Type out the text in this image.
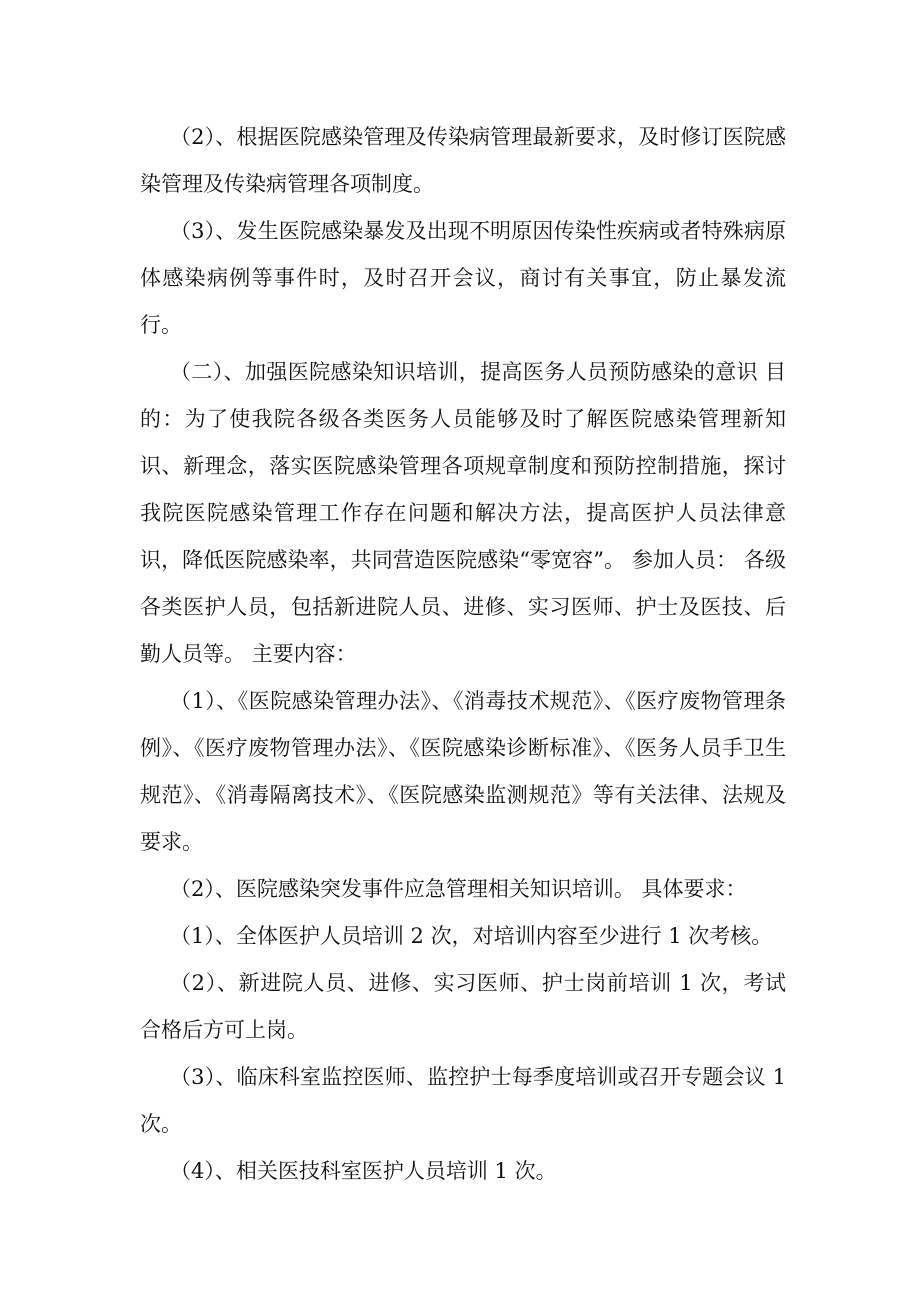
（2）、根据医院感染管理及传染病管理最新要求，及时修订医院感染管理及传染病管理各项制度。

（3）、发生医院感染暴发及出现不明原因传染性疾病或者特殊病原体感染病例等事件时，及时召开会议，商讨有关事宜，防止暴发流行。

（二）、加强医院感染知识培训，提高医务人员预防感染的意识 目的：为了使我院各级各类医务人员能够及时了解医院感染管理新知识、新理念，落实医院感染管理各项规章制度和预防控制措施，探讨我院医院感染管理工作存在问题和解决方法，提高医护人员法律意识，降低医院感染率，共同营造医院感染“零宽容”。 参加人员： 各级各类医护人员，包括新进院人员、进修、实习医师、护士及医技、后勤人员等。 主要内容：

（1）、《医院感染管理办法》、《消毒技术规范》、《医疗废物管理条例》、《医疗废物管理办法》、《医院感染诊断标准》、《医务人员手卫生规范》、《消毒隔离技术》、《医院感染监测规范》等有关法律、法规及要求。

（2）、医院感染突发事件应急管理相关知识培训。 具体要求：

（1）、全体医护人员培训 2 次，对培训内容至少进行 1 次考核。

（2）、新进院人员、进修、实习医师、护士岗前培训 1 次，考试合格后方可上岗。

（3）、临床科室监控医师、监控护士每季度培训或召开专题会议 1 次。

（4）、相关医技科室医护人员培训 1 次。
